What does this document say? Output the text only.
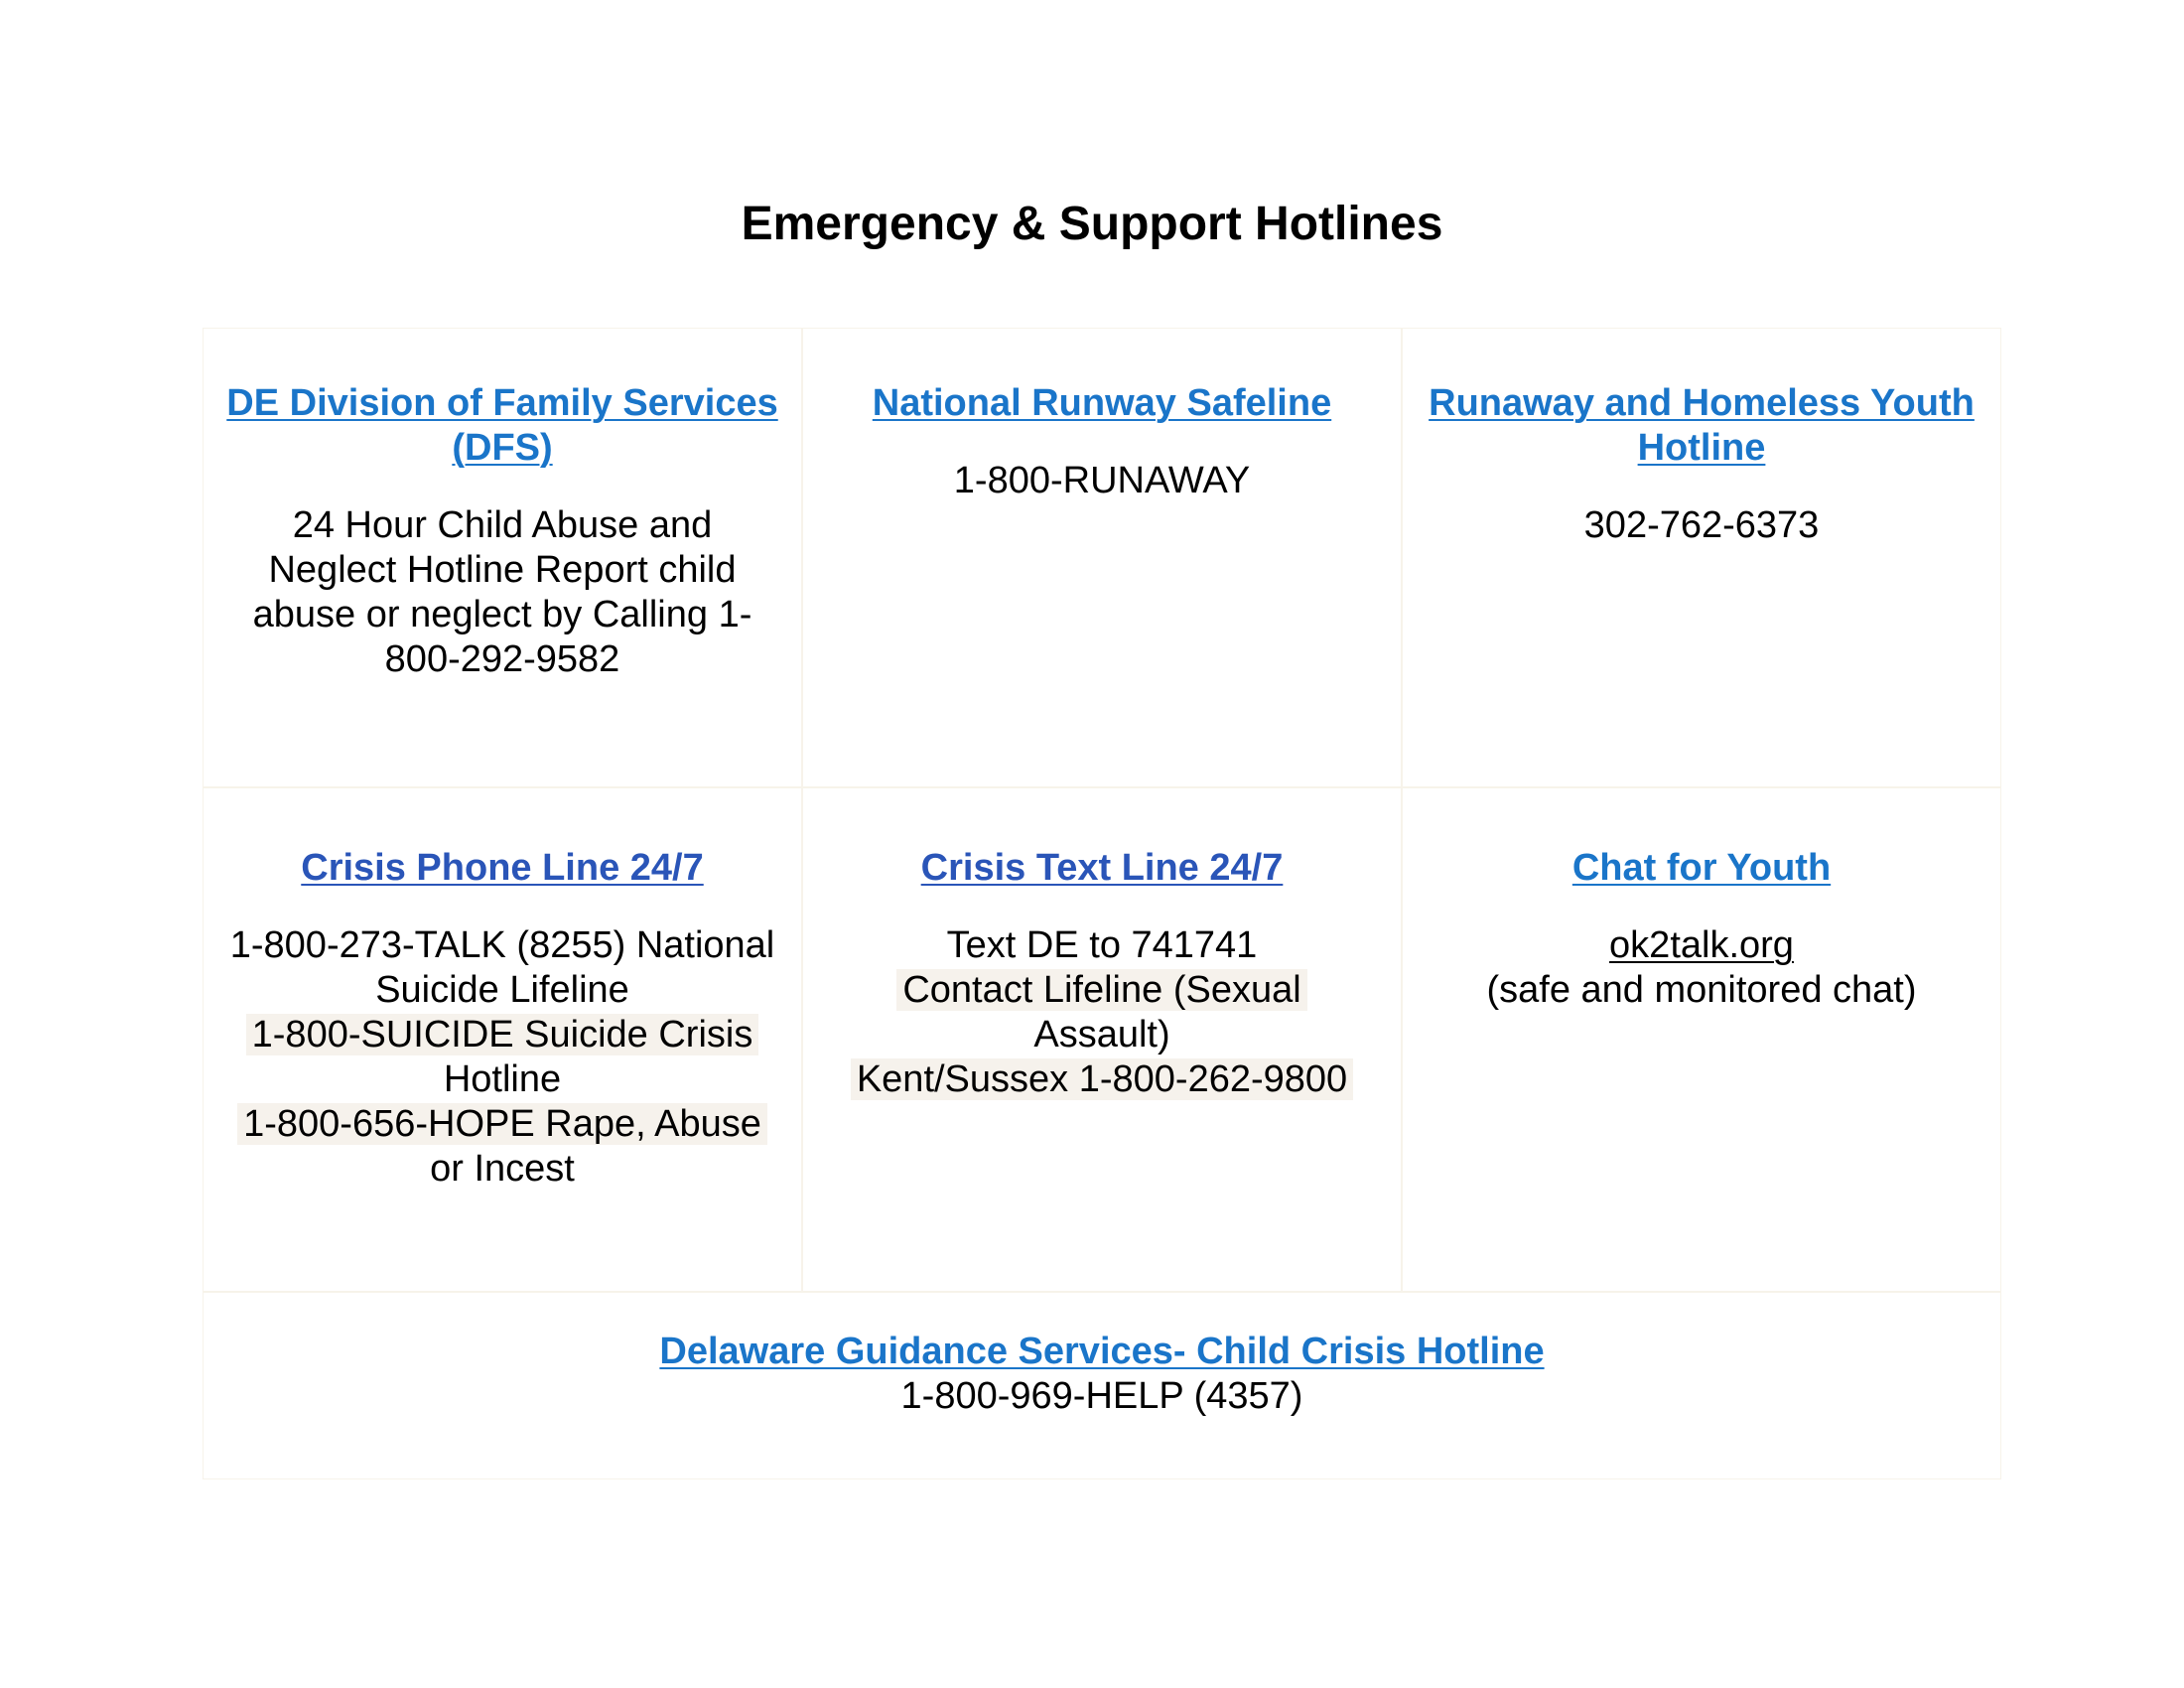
Emergency & Support Hotlines
DE Division of Family Services (DFS)
24 Hour Child Abuse and
Neglect Hotline Report child
abuse or neglect by Calling 1-
800-292-9582
National Runway Safeline
1-800-RUNAWAY
Runaway and Homeless Youth Hotline
302-762-6373
Crisis Phone Line 24/7
1-800-273-TALK (8255) National
Suicide Lifeline
1-800-SUICIDE Suicide Crisis
Hotline
1-800-656-HOPE Rape, Abuse
or Incest
Crisis Text Line 24/7
Text DE to 741741
Contact Lifeline (Sexual
Assault)
Kent/Sussex 1-800-262-9800
Chat for Youth
ok2talk.org
(safe and monitored chat)
Delaware Guidance Services- Child Crisis Hotline
1-800-969-HELP (4357)
